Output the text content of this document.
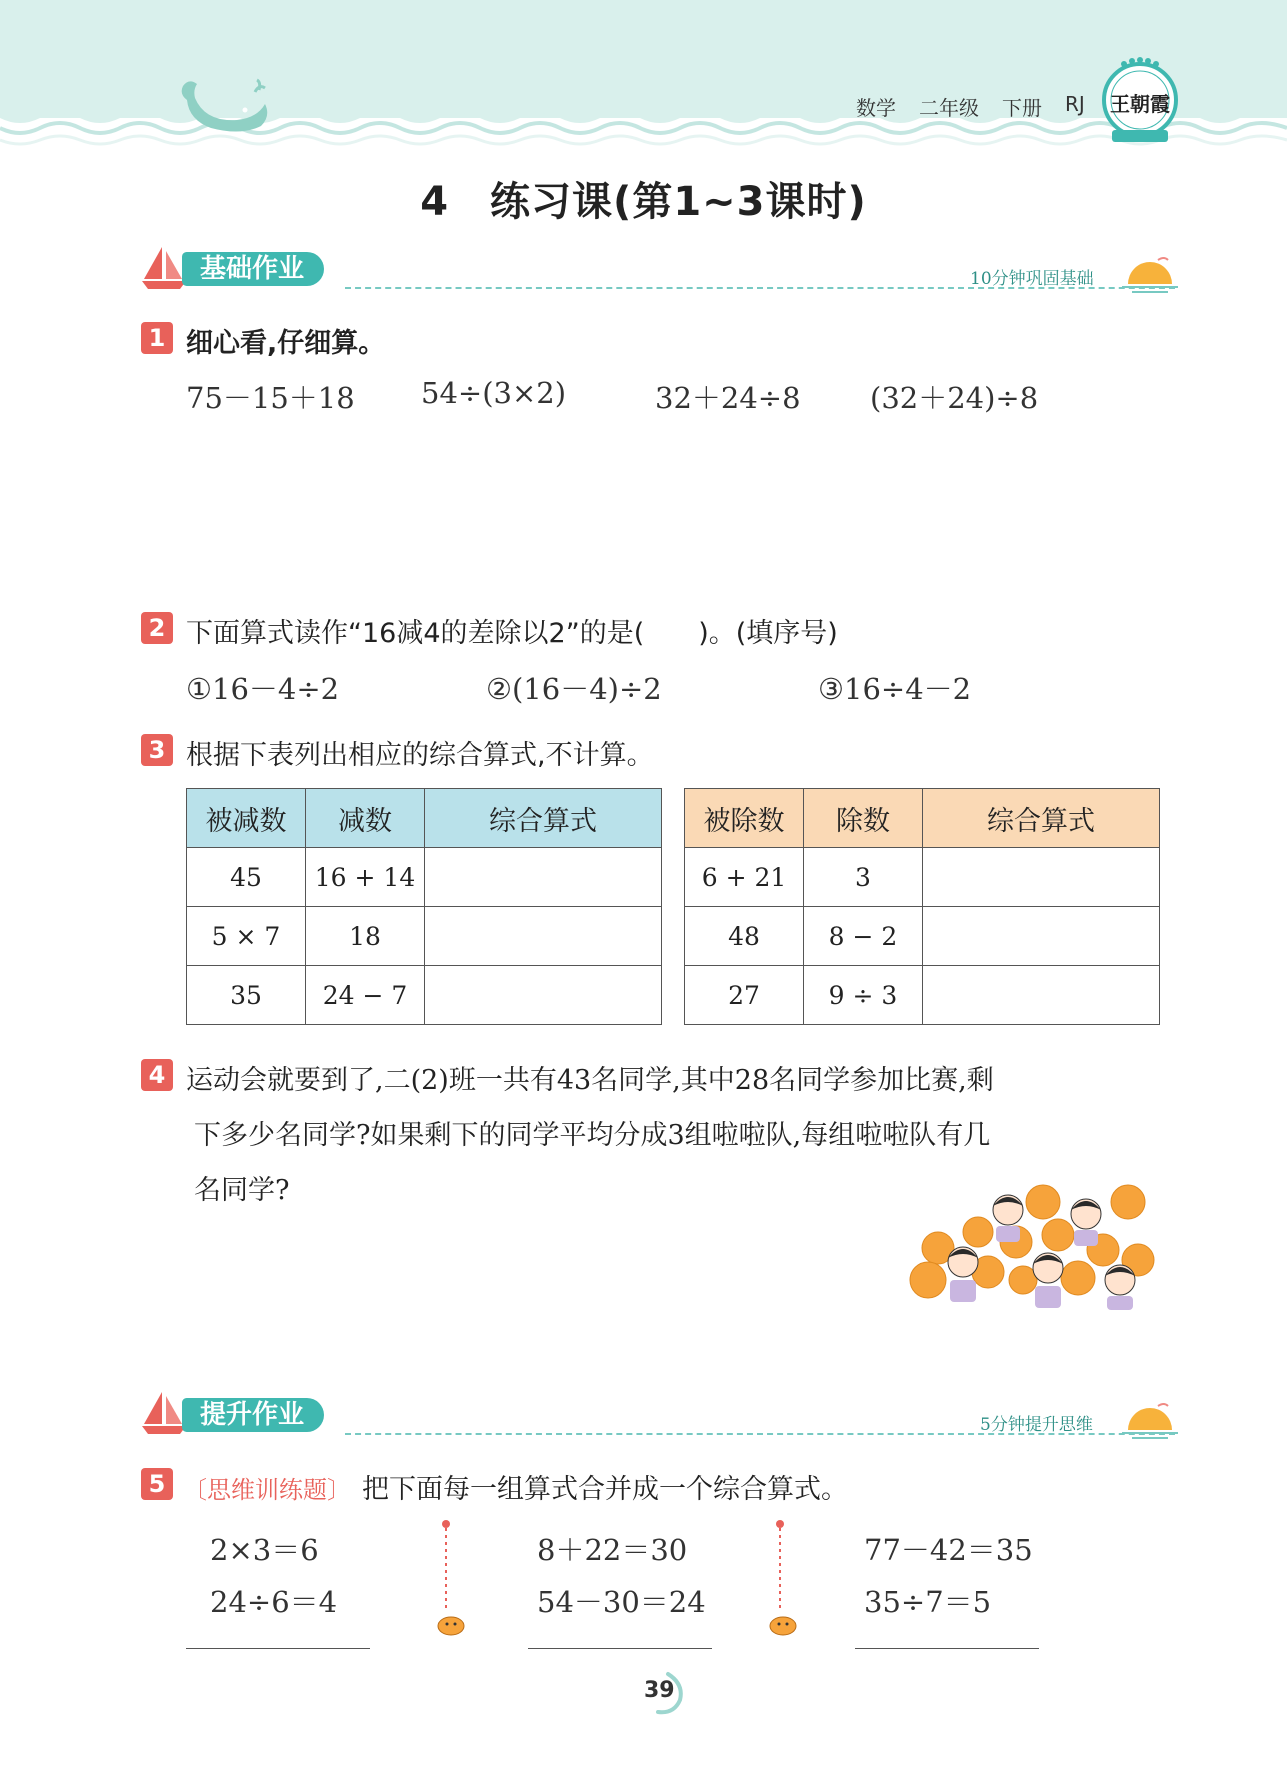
数学 二年级 下册 RJ	王朝霞
4　练习课(第1~3课时)
基础作业	10分钟巩固基础
1 细心看,仔细算。
75－15＋18 54÷(3×2)	32＋24÷8 (32＋24)÷8
2 下面算式读作“16减4的差除以2”的是(　　)。(填序号)
①16－4÷2	②(16－4)÷2	③16÷4－2
3 根据下表列出相应的综合算式,不计算。
被减数	减数	综合算式
45	16 + 14	
5 × 7	18	
35	24 − 7	
被除数	除数	综合算式
6 + 21	3	
48	8 − 2	
27	9 ÷ 3	
4 运动会就要到了,二(2)班一共有43名同学,其中28名同学参加比赛,剩
下多少名同学?如果剩下的同学平均分成3组啦啦队,每组啦啦队有几
名同学?
提升作业	5分钟提升思维
5 〔思维训练题〕 把下面每一组算式合并成一个综合算式。
2×3＝6
24÷6＝4
8＋22＝30
54－30＝24
77－42＝35
35÷7＝5
39
